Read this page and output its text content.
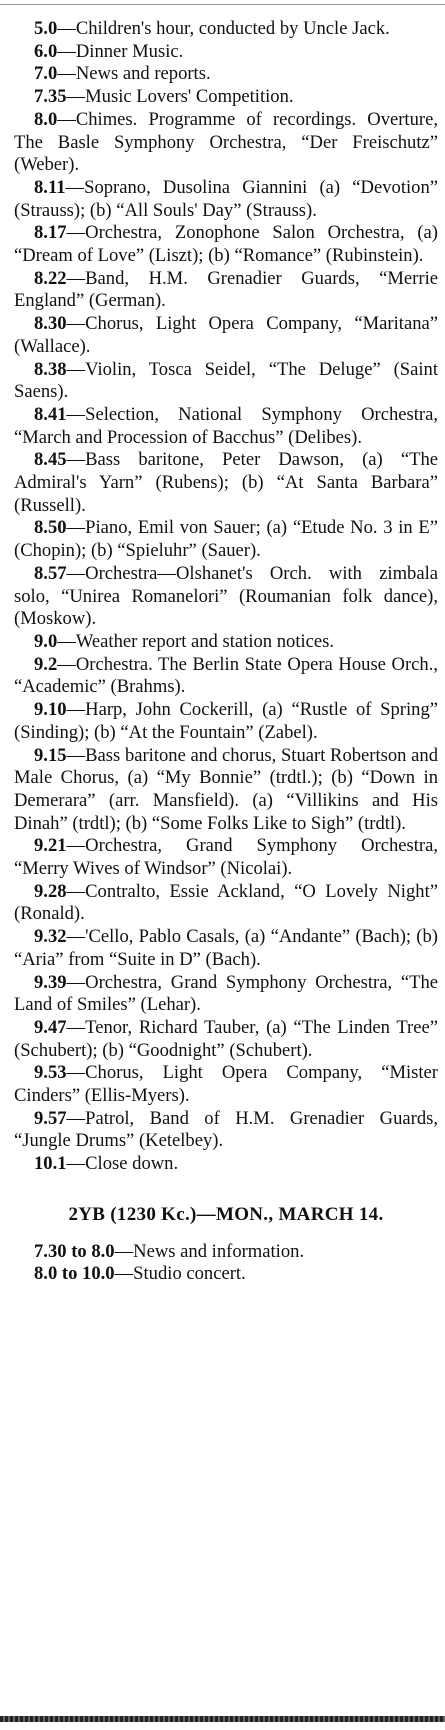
5.0—Children's hour, conducted by Uncle Jack.

6.0—Dinner Music.

7.0—News and reports.

7.35—Music Lovers' Competition.

8.0—Chimes. Programme of recordings. Overture, The Basle Symphony Orchestra, “Der Freischutz” (Weber).

8.11—Soprano, Dusolina Giannini (a) “Devotion” (Strauss); (b) “All Souls' Day” (Strauss).

8.17—Orchestra, Zonophone Salon Orchestra, (a) “Dream of Love” (Liszt); (b) “Romance” (Rubinstein).

8.22—Band, H.M. Grenadier Guards, “Merrie England” (German).

8.30—Chorus, Light Opera Company, “Maritana” (Wallace).

8.38—Violin, Tosca Seidel, “The Deluge” (Saint Saens).

8.41—Selection, National Symphony Orchestra, “March and Procession of Bacchus” (Delibes).

8.45—Bass baritone, Peter Dawson, (a) “The Admiral's Yarn” (Rubens); (b) “At Santa Barbara” (Russell).

8.50—Piano, Emil von Sauer; (a) “Etude No. 3 in E” (Chopin); (b) “Spieluhr” (Sauer).

8.57—Orchestra—Olshanet's Orch. with zimbala solo, “Unirea Romanelori” (Roumanian folk dance), (Moskow).

9.0—Weather report and station notices.

9.2—Orchestra. The Berlin State Opera House Orch., “Academic” (Brahms).

9.10—Harp, John Cockerill, (a) “Rustle of Spring” (Sinding); (b) “At the Fountain” (Zabel).

9.15—Bass baritone and chorus, Stuart Robertson and Male Chorus, (a) “My Bonnie” (trdtl.); (b) “Down in Demerara” (arr. Mansfield). (a) “Villikins and His Dinah” (trdtl); (b) “Some Folks Like to Sigh” (trdtl).

9.21—Orchestra, Grand Symphony Orchestra, “Merry Wives of Windsor” (Nicolai).

9.28—Contralto, Essie Ackland, “O Lovely Night” (Ronald).

9.32—'Cello, Pablo Casals, (a) “Andante” (Bach); (b) “Aria” from “Suite in D” (Bach).

9.39—Orchestra, Grand Symphony Orchestra, “The Land of Smiles” (Lehar).

9.47—Tenor, Richard Tauber, (a) “The Linden Tree” (Schubert); (b) “Goodnight” (Schubert).

9.53—Chorus, Light Opera Company, “Mister Cinders” (Ellis-Myers).

9.57—Patrol, Band of H.M. Grenadier Guards, “Jungle Drums” (Ketelbey).

10.1—Close down.

2YB (1230 Kc.)—MON., MARCH 14.

7.30 to 8.0—News and information.

8.0 to 10.0—Studio concert.
